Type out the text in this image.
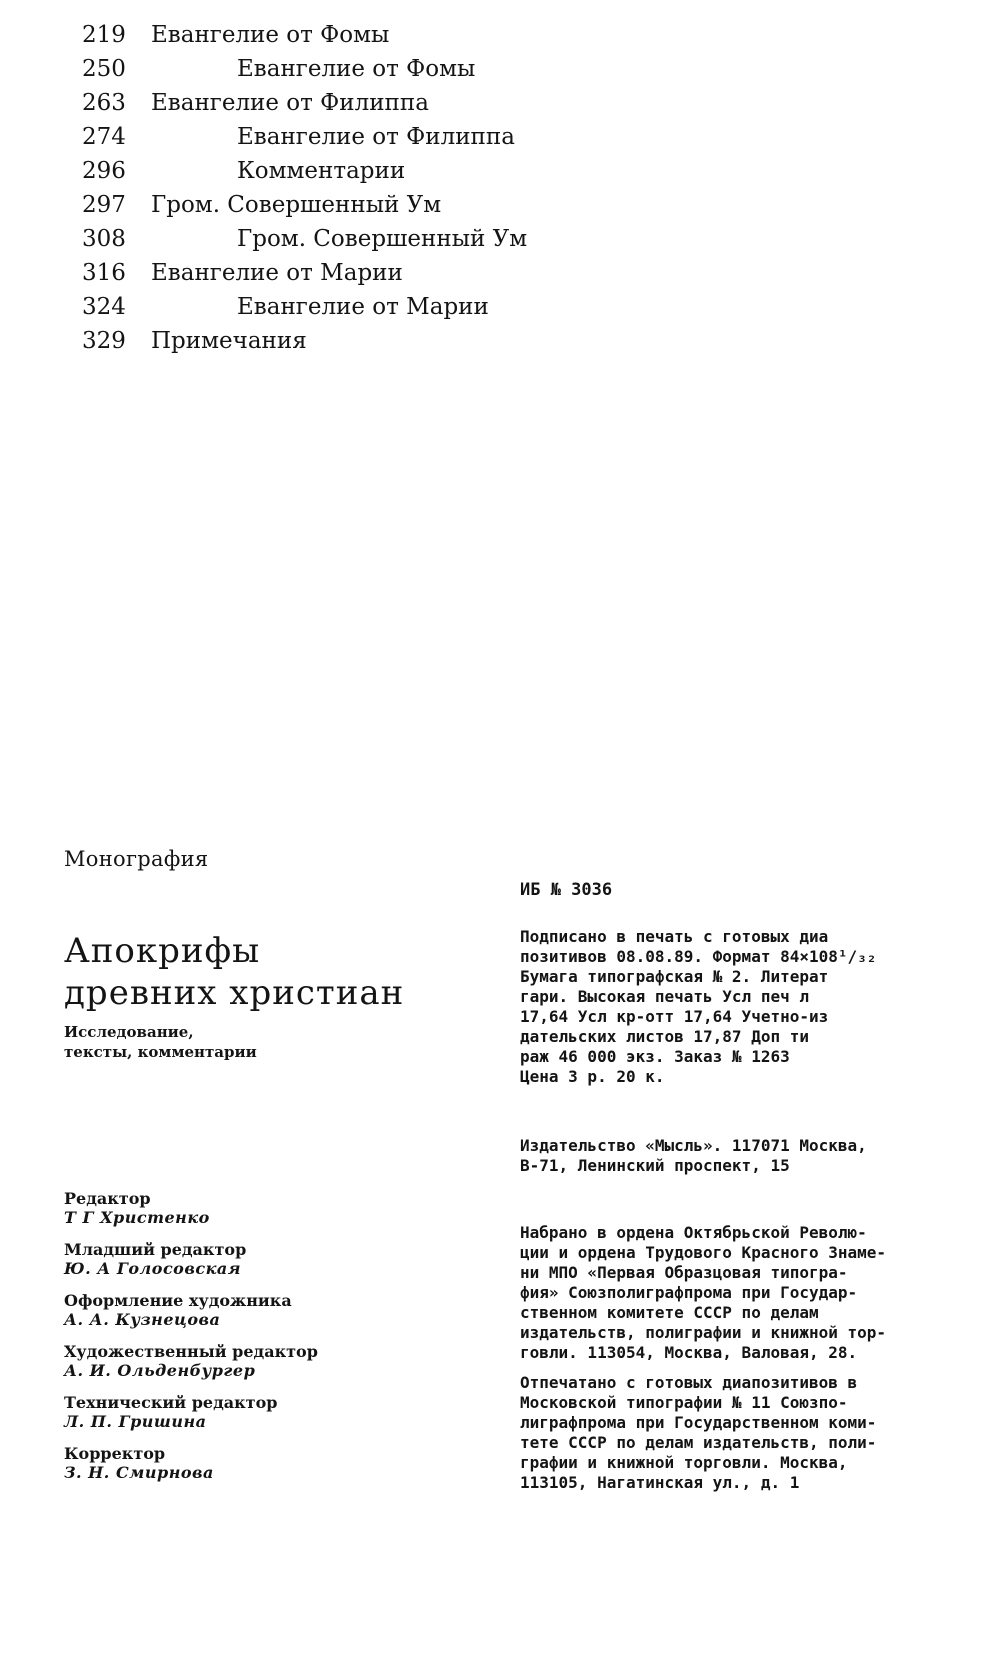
219 Евангелие от Фомы
250	Евангелие от Фомы
263 Евангелие от Филиппа
274	Евангелие от Филиппа
296	Комментарии
297 Гром. Совершенный Ум
308	Гром. Совершенный Ум
316 Евангелие от Марии
324	Евангелие от Марии
329 Примечания
Монография
Апокрифы
древних христиан
Исследование,
тексты, комментарии
Редактор
Т Г Христенко
Младший редактор
Ю. А Голосовская
Оформление художника
А. А. Кузнецова
Художественный редактор
А. И. Ольденбургер
Технический редактор
Л. П. Гришина
Корректор
З. Н. Смирнова
ИБ № 3036
Подписано в печать с готовых диа
позитивов 08.08.89. Формат 84×108¹/₃₂
Бумага типографская № 2. Литерат
гари. Высокая печать Усл печ л
17,64 Усл кр-отт 17,64 Учетно-из
дательских листов 17,87 Доп ти
раж 46 000 экз. Заказ № 1263
Цена 3 р. 20 к.
Издательство «Мысль». 117071 Москва,
В-71, Ленинский проспект, 15
Набрано в ордена Октябрьской Револю-
ции и ордена Трудового Красного Знаме-
ни МПО «Первая Образцовая типогра-
фия» Союзполиграфпрома при Государ-
ственном комитете СССР по делам
издательств, полиграфии и книжной тор-
говли. 113054, Москва, Валовая, 28.
Отпечатано с готовых диапозитивов в
Московской типографии № 11 Союзпо-
лиграфпрома при Государственном коми-
тете СССР по делам издательств, поли-
графии и книжной торговли. Москва,
113105, Нагатинская ул., д. 1
